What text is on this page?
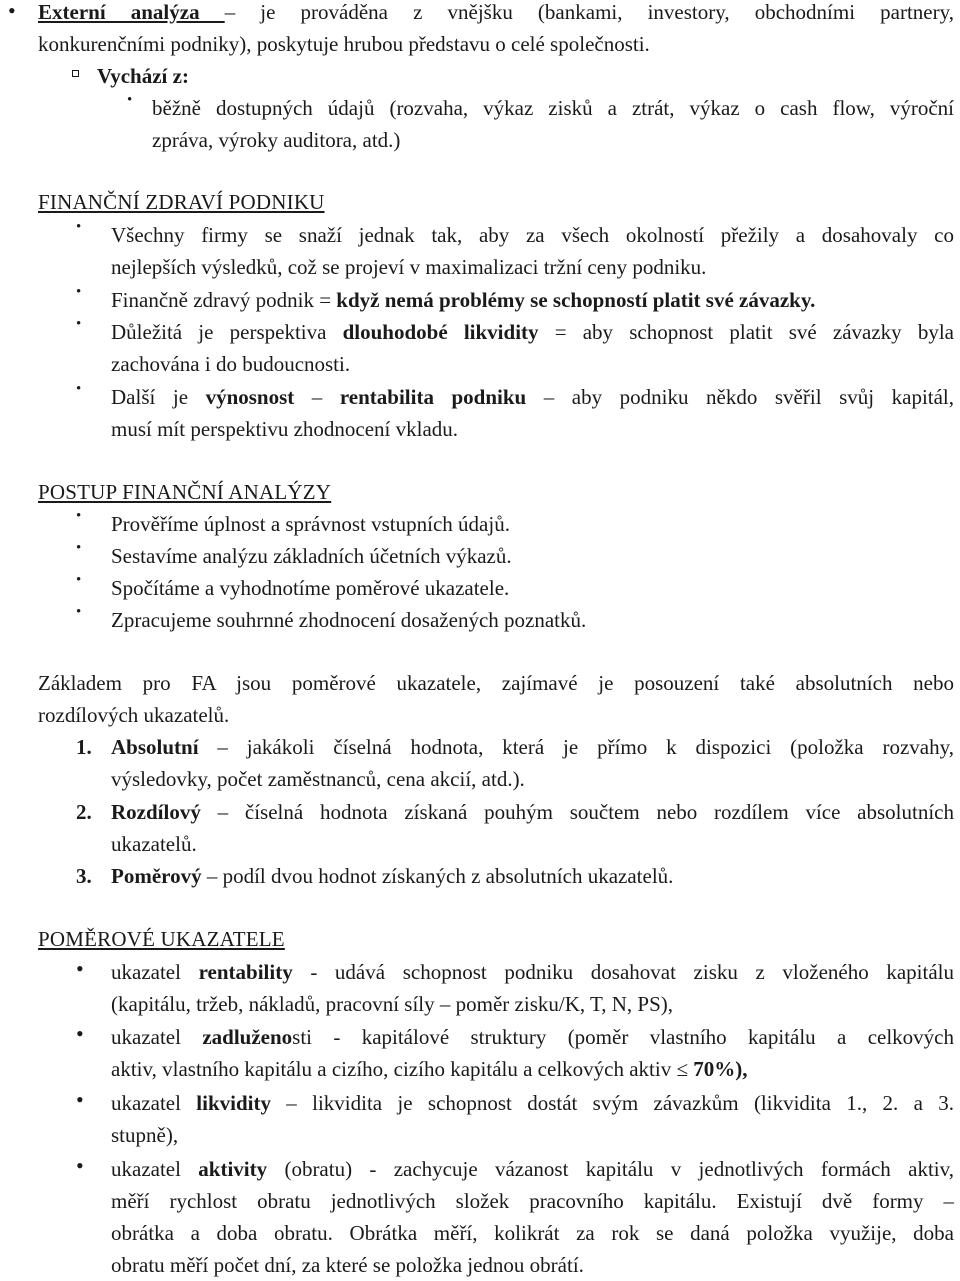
• Externí analýza – je prováděna z vnějšku (bankami, investory, obchodními partnery,
konkurenčními podniky), poskytuje hrubou představu o celé společnosti.
Vychází z:
• běžně dostupných údajů (rozvaha, výkaz zisků a ztrát, výkaz o cash flow, výroční
zpráva, výroky auditora, atd.)
FINANČNÍ ZDRAVÍ PODNIKU
• Všechny firmy se snaží jednak tak, aby za všech okolností přežily a dosahovaly co
nejlepších výsledků, což se projeví v maximalizaci tržní ceny podniku.
• Finančně zdravý podnik = když nemá problémy se schopností platit své závazky.
• Důležitá je perspektiva dlouhodobé likvidity = aby schopnost platit své závazky byla
zachována i do budoucnosti.
• Další je výnosnost – rentabilita podniku – aby podniku někdo svěřil svůj kapitál,
musí mít perspektivu zhodnocení vkladu.
POSTUP FINANČNÍ ANALÝZY
• Prověříme úplnost a správnost vstupních údajů.
• Sestavíme analýzu základních účetních výkazů.
• Spočítáme a vyhodnotíme poměrové ukazatele.
• Zpracujeme souhrnné zhodnocení dosažených poznatků.
Základem pro FA jsou poměrové ukazatele, zajímavé je posouzení také absolutních nebo
rozdílových ukazatelů.
1. Absolutní – jakákoli číselná hodnota, která je přímo k dispozici (položka rozvahy,
výsledovky, počet zaměstnanců, cena akcií, atd.).
2. Rozdílový – číselná hodnota získaná pouhým součtem nebo rozdílem více absolutních
ukazatelů.
3. Poměrový – podíl dvou hodnot získaných z absolutních ukazatelů.
POMĚROVÉ UKAZATELE
• ukazatel rentability - udává schopnost podniku dosahovat zisku z vloženého kapitálu
(kapitálu, tržeb, nákladů, pracovní síly – poměr zisku/K, T, N, PS),
• ukazatel zadluženosti - kapitálové struktury (poměr vlastního kapitálu a celkových
aktiv, vlastního kapitálu a cizího, cizího kapitálu a celkových aktiv ≤ 70%),
• ukazatel likvidity – likvidita je schopnost dostát svým závazkům (likvidita 1., 2. a 3.
stupně),
• ukazatel aktivity (obratu) - zachycuje vázanost kapitálu v jednotlivých formách aktiv,
měří rychlost obratu jednotlivých složek pracovního kapitálu. Existují dvě formy –
obrátka a doba obratu. Obrátka měří, kolikrát za rok se daná položka využije, doba
obratu měří počet dní, za které se položka jednou obrátí.
